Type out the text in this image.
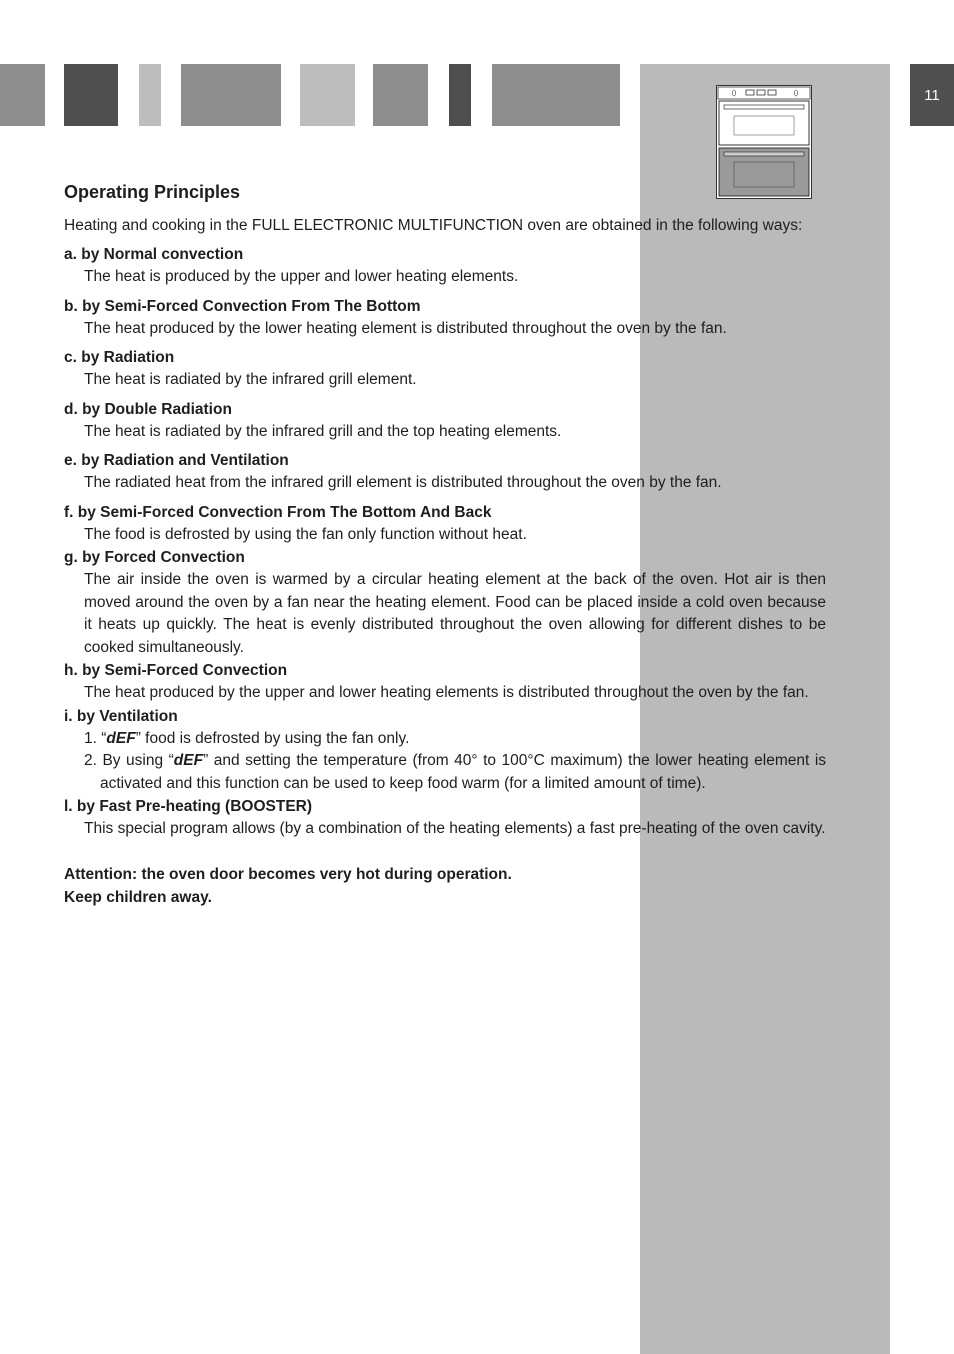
11
Operating Principles
Heating and cooking in the FULL ELECTRONIC MULTIFUNCTION oven are obtained in the following ways:
a. by Normal convection
The heat is produced by the upper and lower heating elements.
b. by Semi-Forced Convection From The Bottom
The heat produced by the lower heating element is distributed throughout the oven by the fan.
c. by Radiation
The heat is radiated by the infrared grill element.
d. by Double Radiation
The heat is radiated by the infrared grill and the top heating elements.
e. by Radiation and Ventilation
The radiated heat from the infrared grill element is distributed throughout the oven by the fan.
f. by Semi-Forced Convection From The Bottom And Back
The food is defrosted by using the fan only function without heat.
g. by Forced Convection
The air inside the oven is warmed by a circular heating element at the back of the oven. Hot air is then moved around the oven by a fan near the heating element. Food can be placed inside a cold oven because it heats up quickly. The heat is evenly distributed throughout the oven allowing for different dishes to be cooked simultaneously.
h. by Semi-Forced Convection
The heat produced by the upper and lower heating elements is distributed throughout the oven by the fan.
i. by Ventilation
1. “dEF” food is defrosted by using the fan only.
2. By using “dEF” and setting the temperature (from 40° to 100°C maximum) the lower heating element is activated and this function can be used to keep food warm (for a limited amount of time).
l. by Fast Pre-heating (BOOSTER)
This special program allows (by a combination of the heating elements) a fast pre-heating of the oven cavity.
Attention: the oven door becomes very hot during operation.
Keep children away.
